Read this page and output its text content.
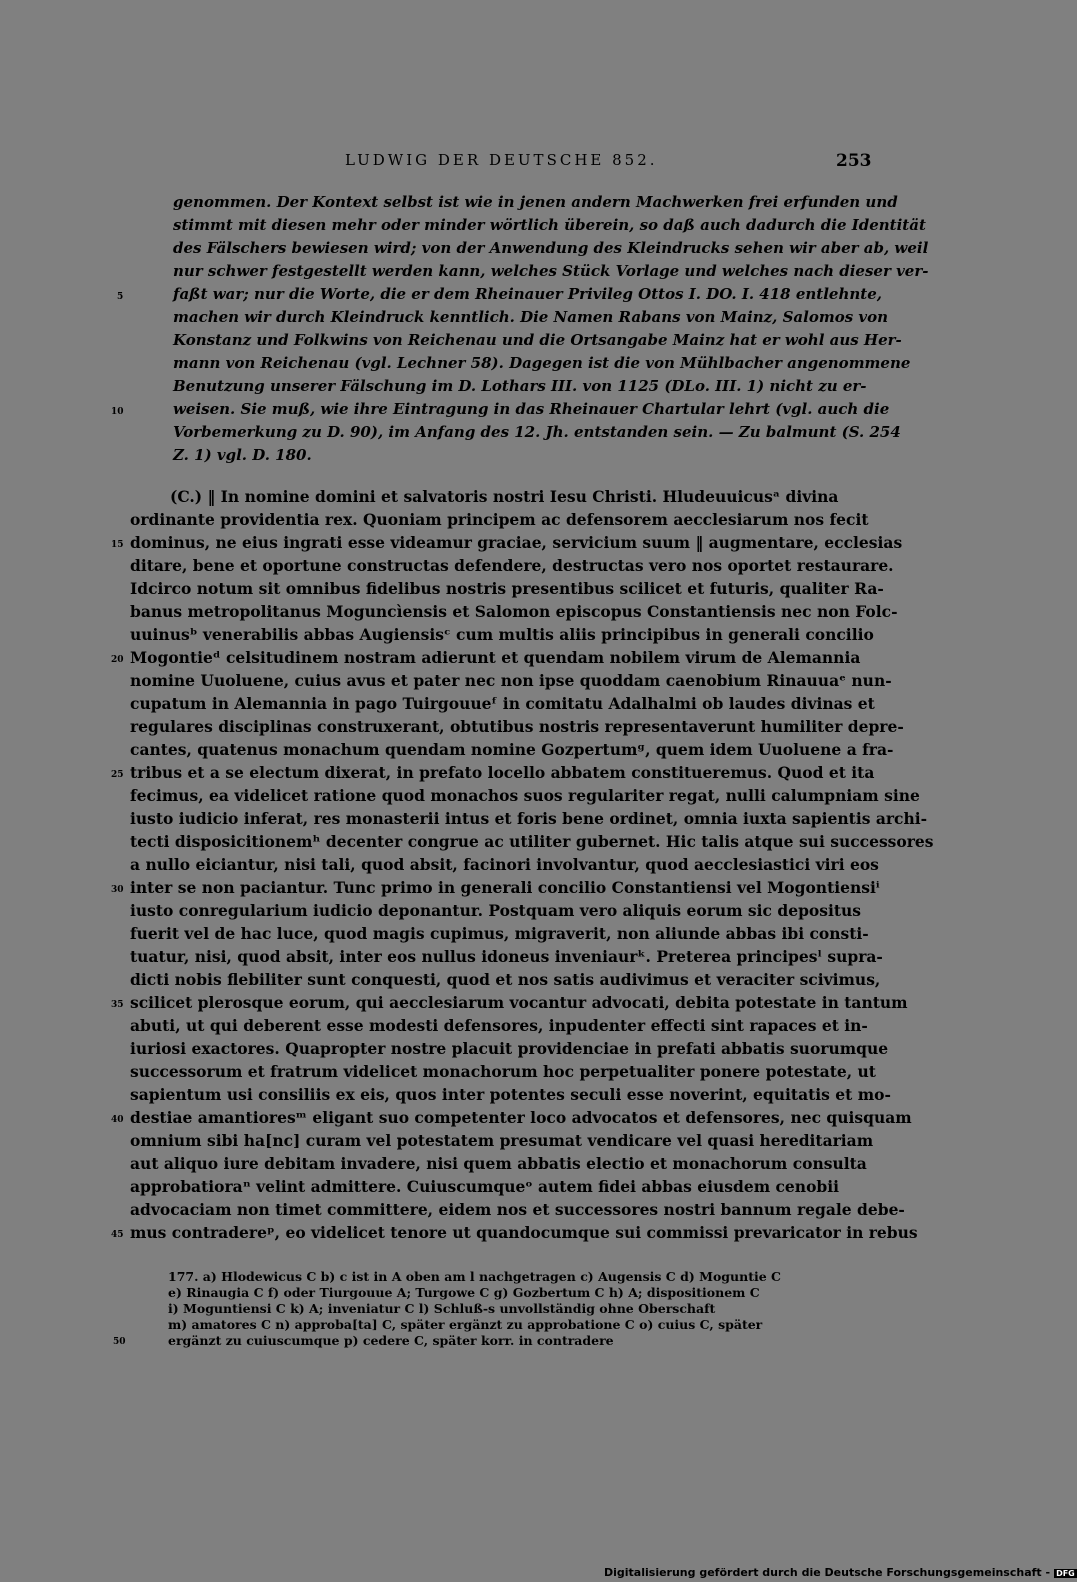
LUDWIG DER DEUTSCHE 852.	253
genommen. Der Kontext selbst ist wie in jenen andern Machwerken frei erfunden und
stimmt mit diesen mehr oder minder wörtlich überein, so daß auch dadurch die Identität
des Fälschers bewiesen wird; von der Anwendung des Kleindrucks sehen wir aber ab, weil
nur schwer festgestellt werden kann, welches Stück Vorlage und welches nach dieser ver-
faßt war; nur die Worte, die er dem Rheinauer Privileg Ottos I. DO. I. 418 entlehnte,
machen wir durch Kleindruck kenntlich. Die Namen Rabans von Mainz, Salomos von
Konstanz und Folkwins von Reichenau und die Ortsangabe Mainz hat er wohl aus Her-
mann von Reichenau (vgl. Lechner 58). Dagegen ist die von Mühlbacher angenommene
Benutzung unserer Fälschung im D. Lothars III. von 1125 (DLo. III. 1) nicht zu er-
weisen. Sie muß, wie ihre Eintragung in das Rheinauer Chartular lehrt (vgl. auch die
Vorbemerkung zu D. 90), im Anfang des 12. Jh. entstanden sein. — Zu balmunt (S. 254
Z. 1) vgl. D. 180.
5
10
(C.) ‖ In nomine domini et salvatoris nostri Iesu Christi. Hludeuuicusᵃ divina
ordinante providentia rex. Quoniam principem ac defensorem aecclesiarum nos fecit
dominus, ne eius ingrati esse videamur graciae, servicium suum ‖ augmentare, ecclesias
ditare, bene et oportune constructas defendere, destructas vero nos oportet restaurare.
Idcirco notum sit omnibus fidelibus nostris presentibus scilicet et futuris, qualiter Ra-
banus metropolitanus Moguncìensis et Salomon episcopus Constantiensis nec non Folc-
uuinusᵇ venerabilis abbas Augiensisᶜ cum multis aliis principibus in generali concilio
Mogontieᵈ celsitudinem nostram adierunt et quendam nobilem virum de Alemannia
nomine Uuoluene, cuius avus et pater nec non ipse quoddam caenobium Rinauuaᵉ nun-
cupatum in Alemannia in pago Tuirgouueᶠ in comitatu Adalhalmi ob laudes divinas et
regulares disciplinas construxerant, obtutibus nostris representaverunt humiliter depre-
cantes, quatenus monachum quendam nomine Gozpertumᵍ, quem idem Uuoluene a fra-
tribus et a se electum dixerat, in prefato locello abbatem constitueremus. Quod et ita
fecimus, ea videlicet ratione quod monachos suos regulariter regat, nulli calumpniam sine
iusto iudicio inferat, res monasterii intus et foris bene ordinet, omnia iuxta sapientis archi-
tecti disposicitionemʰ decenter congrue ac utiliter gubernet. Hic talis atque sui successores
a nullo eiciantur, nisi tali, quod absit, facinori involvantur, quod aecclesiastici viri eos
inter se non paciantur. Tunc primo in generali concilio Constantiensi vel Mogontiensiⁱ
iusto conregularium iudicio deponantur. Postquam vero aliquis eorum sic depositus
fuerit vel de hac luce, quod magis cupimus, migraverit, non aliunde abbas ibi consti-
tuatur, nisi, quod absit, inter eos nullus idoneus inveniaurᵏ. Preterea principesˡ supra-
dicti nobis flebiliter sunt conquesti, quod et nos satis audivimus et veraciter scivimus,
scilicet plerosque eorum, qui aecclesiarum vocantur advocati, debita potestate in tantum
abuti, ut qui deberent esse modesti defensores, inpudenter effecti sint rapaces et in-
iuriosi exactores. Quapropter nostre placuit providenciae in prefati abbatis suorumque
successorum et fratrum videlicet monachorum hoc perpetualiter ponere potestate, ut
sapientum usi consiliis ex eis, quos inter potentes seculi esse noverint, equitatis et mo-
destiae amantioresᵐ eligant suo competenter loco advocatos et defensores, nec quisquam
omnium sibi ha[nc] curam vel potestatem presumat vendicare vel quasi hereditariam
aut aliquo iure debitam invadere, nisi quem abbatis electio et monachorum consulta
approbatioraⁿ velint admittere. Cuiuscumqueᵒ autem fidei abbas eiusdem cenobii
advocaciam non timet committere, eidem nos et successores nostri bannum regale debe-
mus contradereᵖ, eo videlicet tenore ut quandocumque sui commissi prevaricator in rebus
15
20
25
30
35
40
45
177. a) Hlodewicus C b) c ist in A oben am l nachgetragen c) Augensis C d) Moguntie C
e) Rinaugia C f) oder Tiurgouue A; Turgowe C g) Gozbertum C h) A; dispositionem C
i) Moguntiensi C k) A; inveniatur C l) Schluß-s unvollständig ohne Oberschaft
m) amatores C n) approba[ta] C, später ergänzt zu approbatione C o) cuius C, später
ergänzt zu cuiuscumque p) cedere C, später korr. in contradere
50
Digitalisierung gefördert durch die Deutsche Forschungsgemeinschaft - DFG
